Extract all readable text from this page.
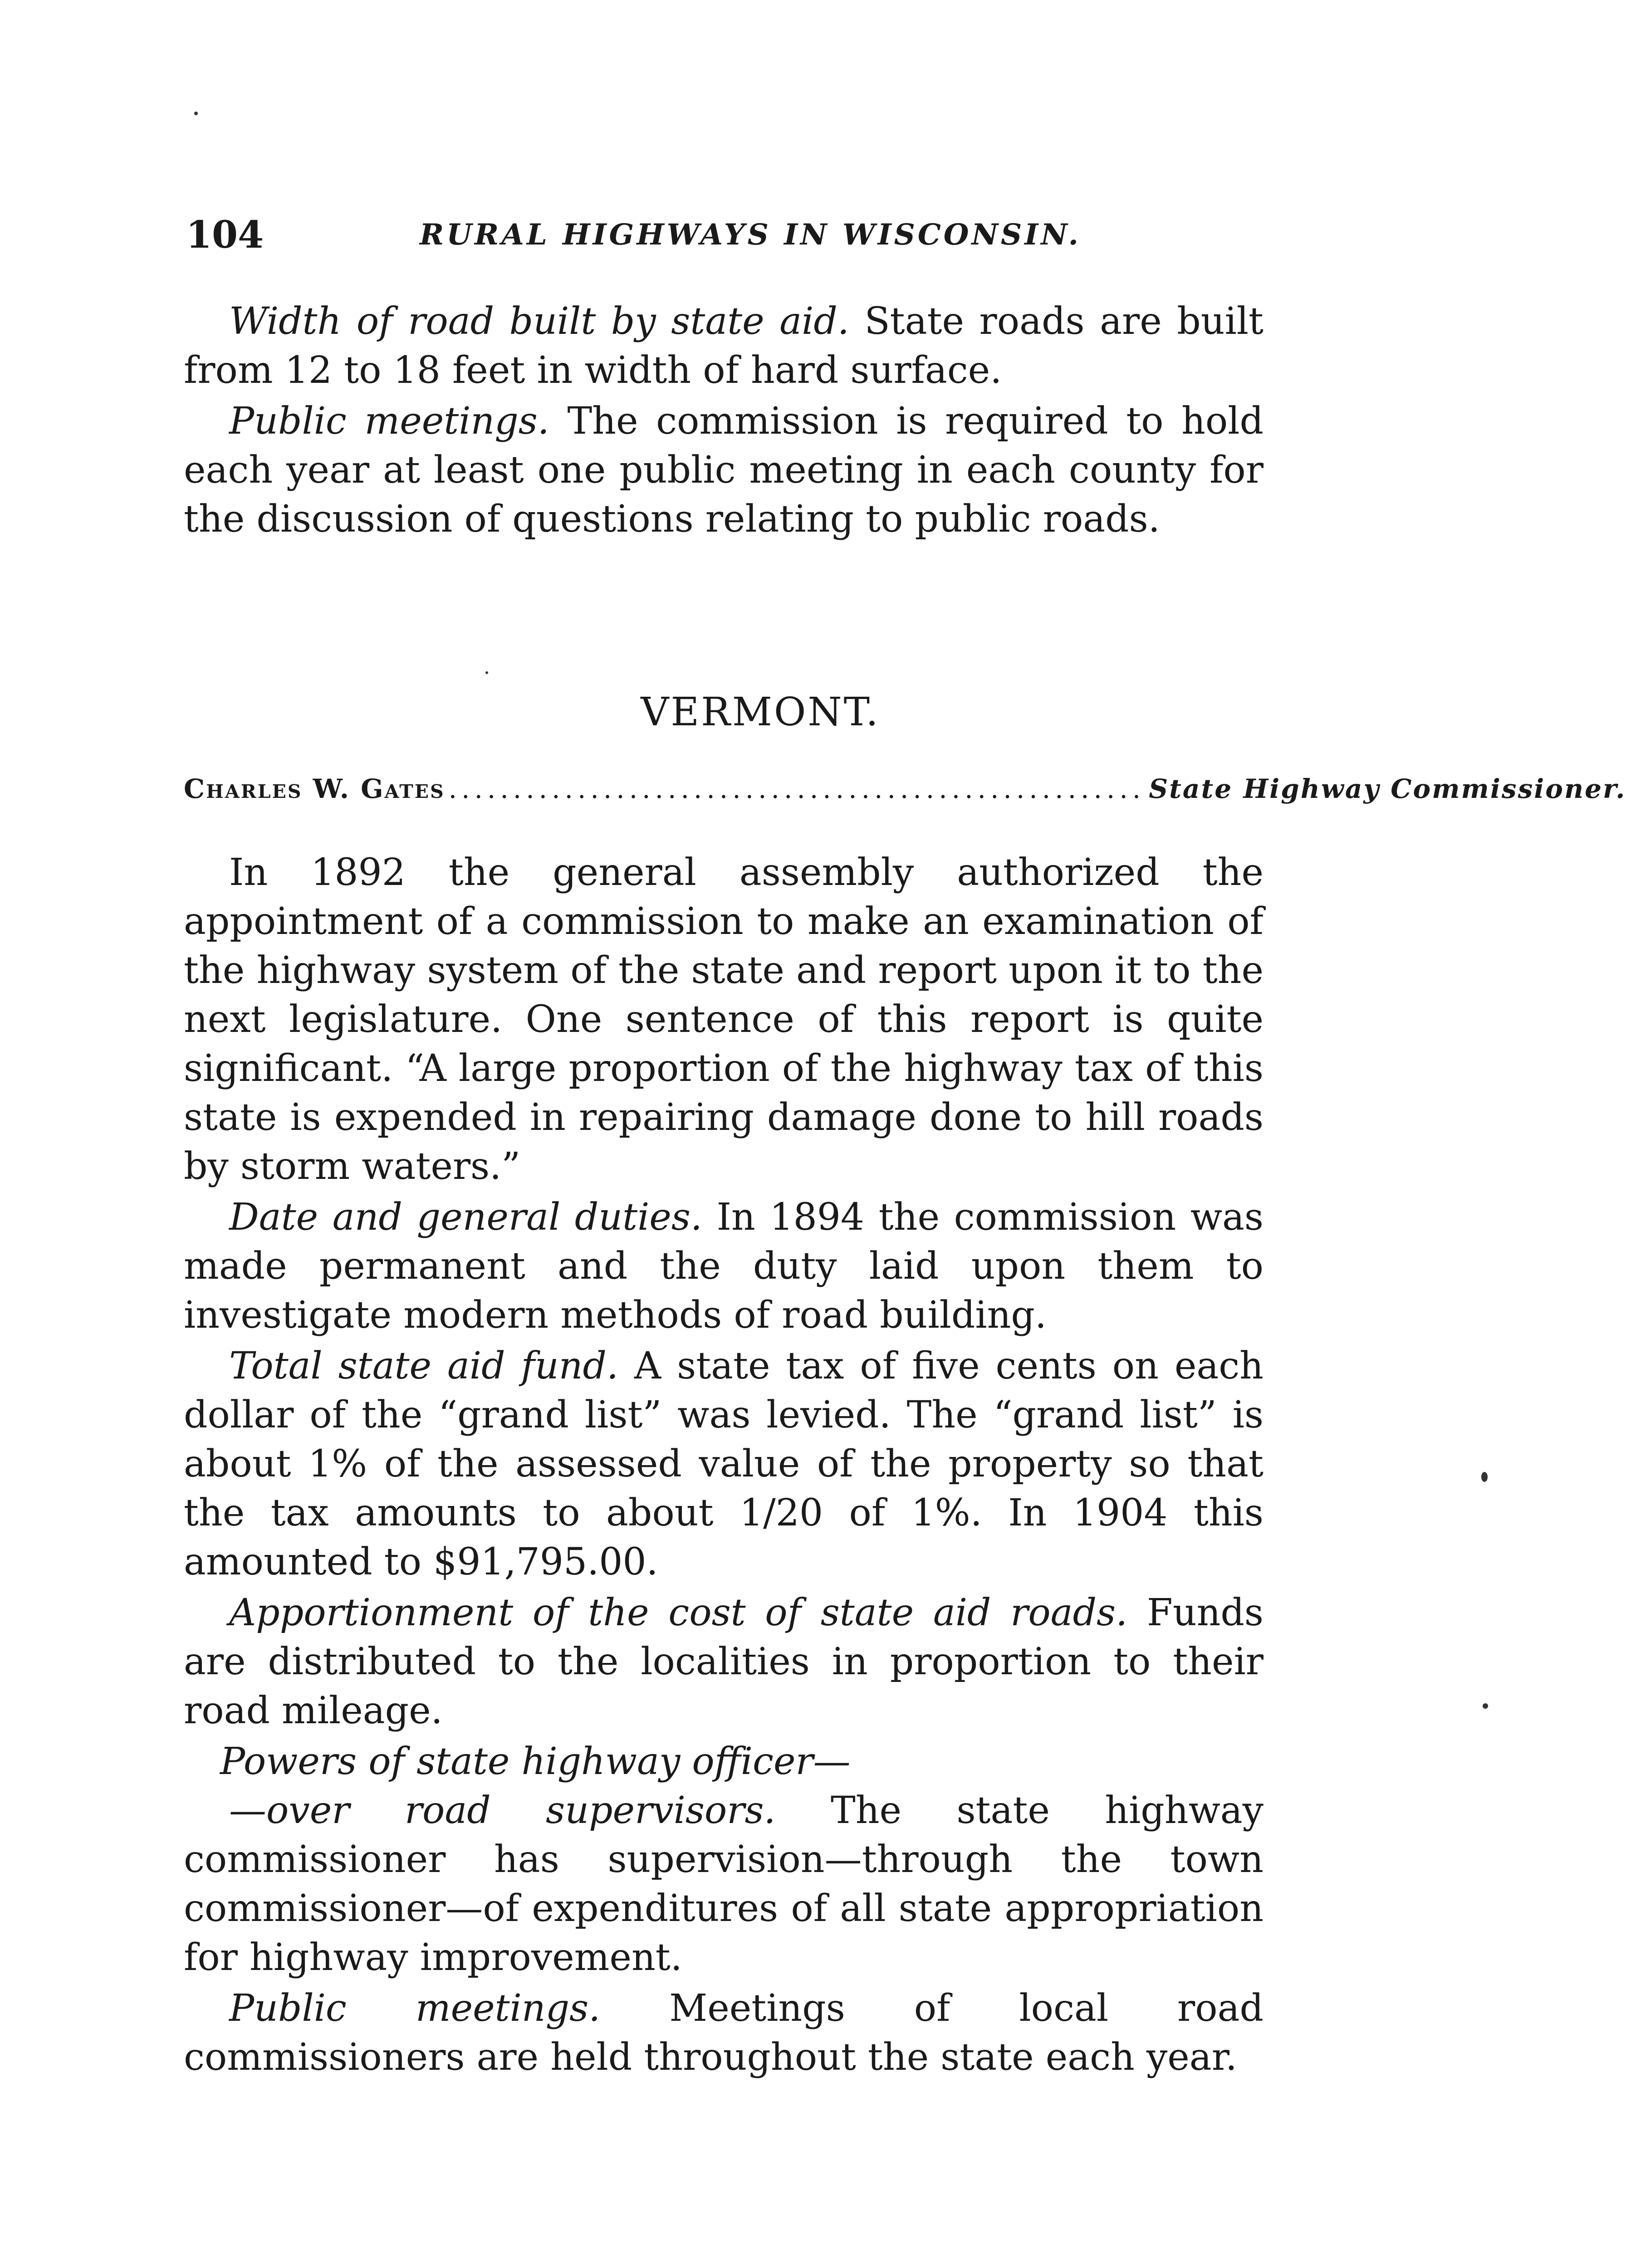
104	RURAL HIGHWAYS IN WISCONSIN.

Width of road built by state aid. State roads are built from 12 to 18 feet in width of hard surface.

Public meetings. The commission is required to hold each year at least one public meeting in each county for the discussion of questions relating to public roads.

VERMONT.
Charles W. Gates ...................................................... State Highway Commissioner.

In 1892 the general assembly authorized the appointment of a commission to make an examination of the highway system of the state and report upon it to the next legislature. One sentence of this report is quite significant. “A large proportion of the highway tax of this state is expended in repairing damage done to hill roads by storm waters.”

Date and general duties. In 1894 the commission was made permanent and the duty laid upon them to investigate modern methods of road building.

Total state aid fund. A state tax of five cents on each dollar of the “grand list” was levied. The “grand list” is about 1% of the assessed value of the property so that the tax amounts to about 1/20 of 1%. In 1904 this amounted to $91,795.00.

Apportionment of the cost of state aid roads. Funds are distributed to the localities in proportion to their road mileage.

Powers of state highway officer—

—over road supervisors. The state highway commissioner has supervision—through the town commissioner—of expenditures of all state appropriation for highway improvement.

Public meetings. Meetings of local road commissioners are held throughout the state each year.
